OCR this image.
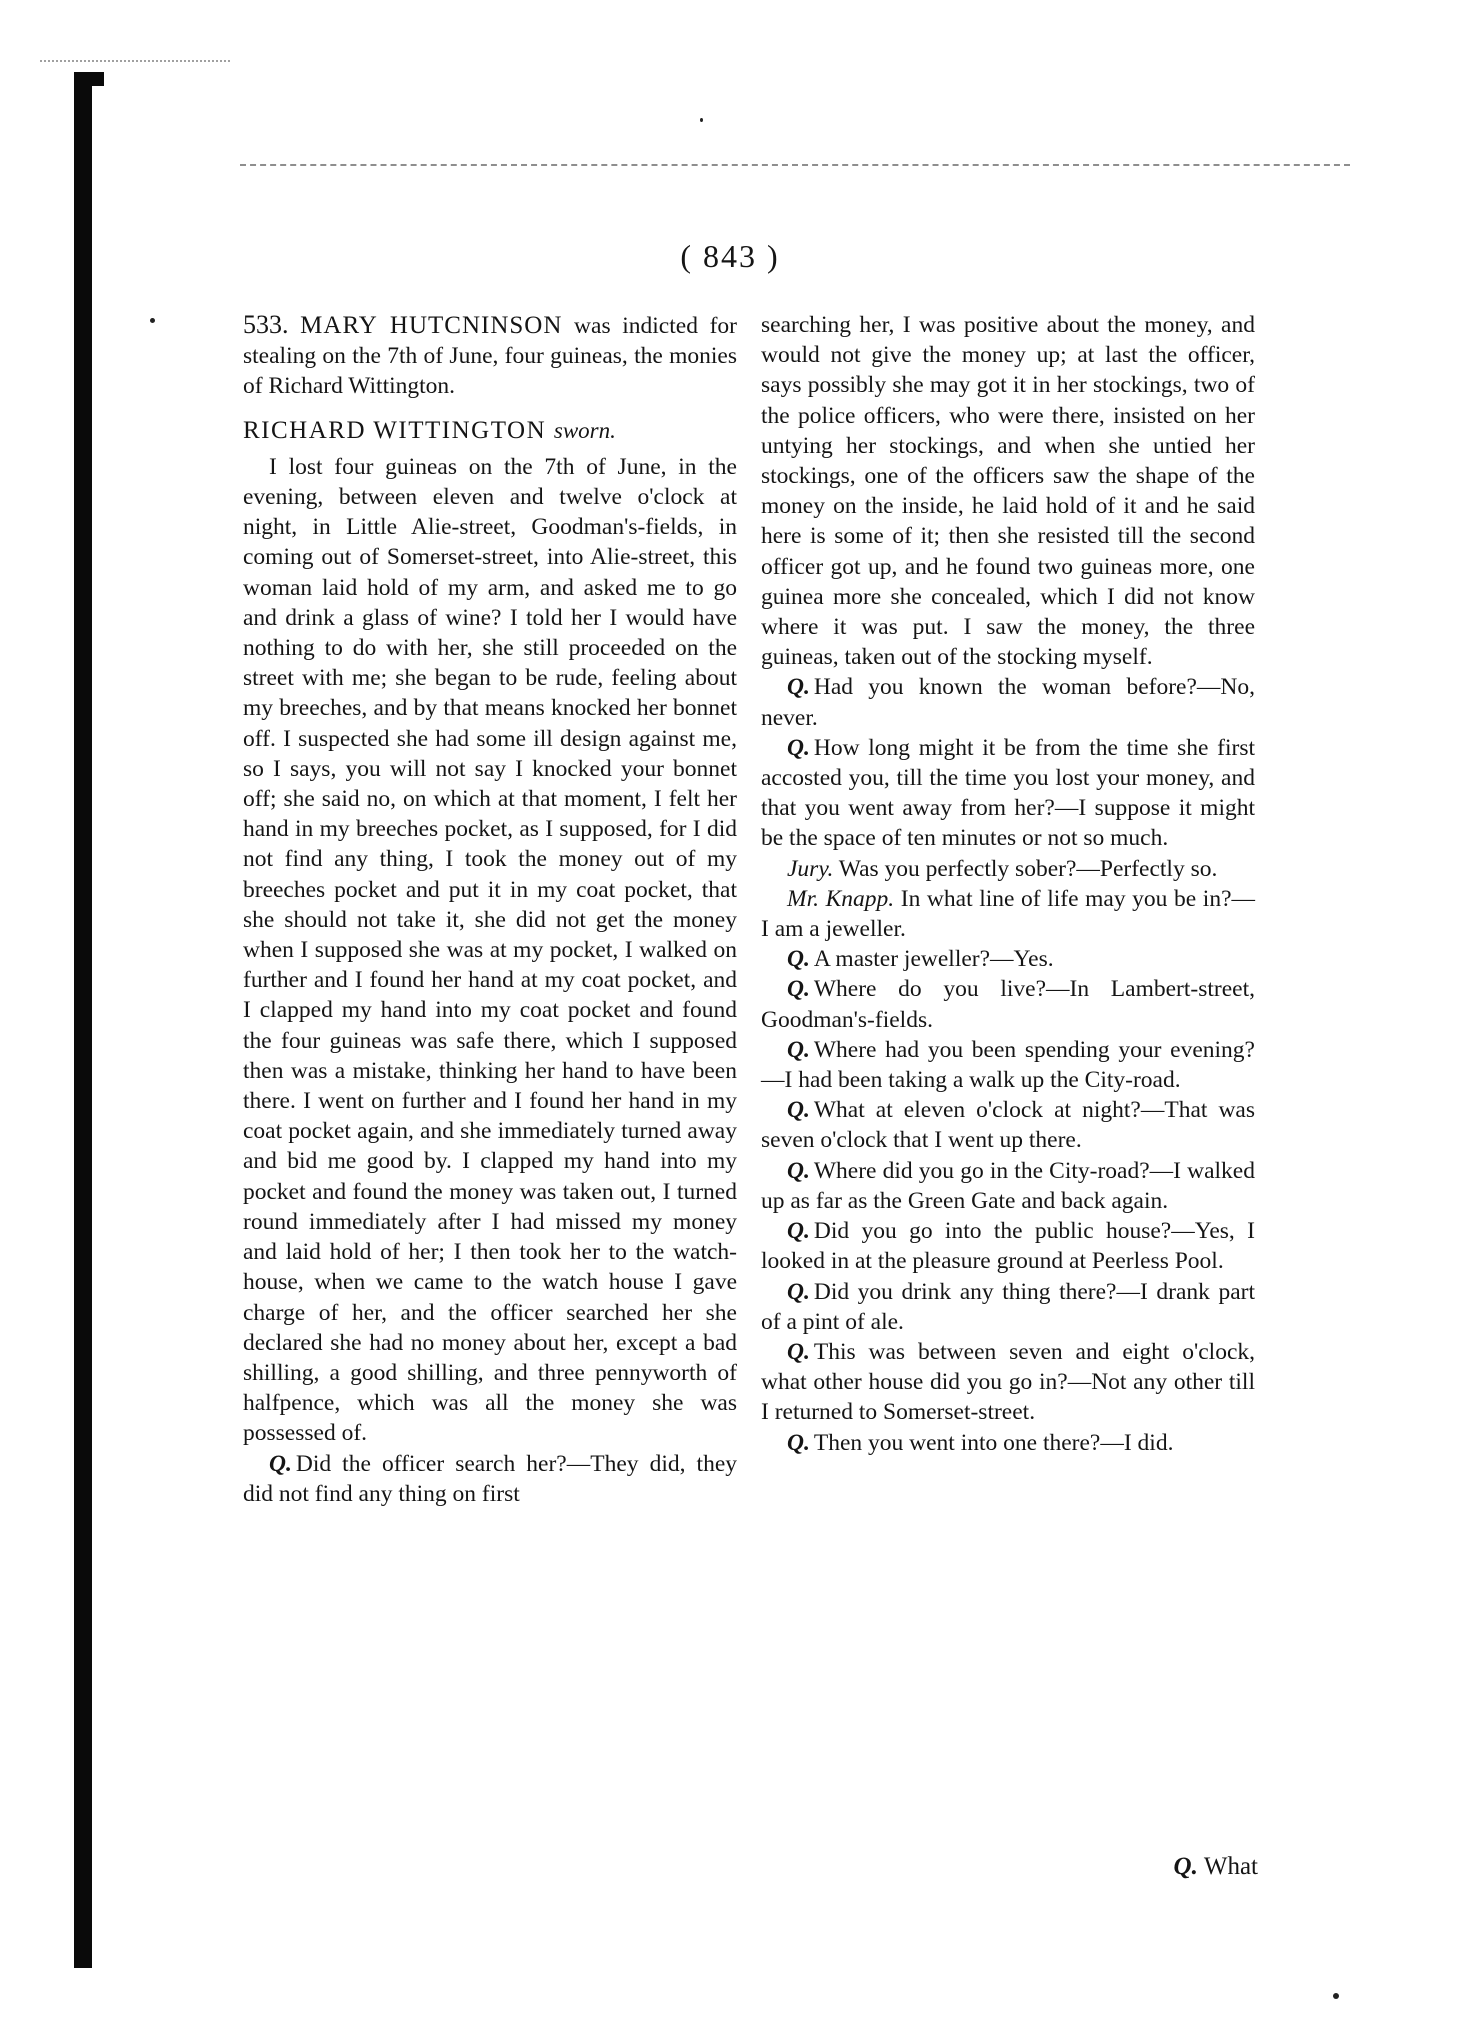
( 843 )

533. MARY HUTCNINSON was indicted for stealing on the 7th of June, four guineas, the monies of Richard Wittington.

RICHARD WITTINGTON sworn.

I lost four guineas on the 7th of June, in the evening, between eleven and twelve o'clock at night, in Little Alie-street, Goodman's-fields, in coming out of Somerset-street, into Alie-street, this woman laid hold of my arm, and asked me to go and drink a glass of wine? I told her I would have nothing to do with her, she still proceeded on the street with me; she began to be rude, feeling about my breeches, and by that means knocked her bonnet off. I suspected she had some ill design against me, so I says, you will not say I knocked your bonnet off; she said no, on which at that moment, I felt her hand in my breeches pocket, as I supposed, for I did not find any thing, I took the money out of my breeches pocket and put it in my coat pocket, that she should not take it, she did not get the money when I supposed she was at my pocket, I walked on further and I found her hand at my coat pocket, and I clapped my hand into my coat pocket and found the four guineas was safe there, which I supposed then was a mistake, thinking her hand to have been there. I went on further and I found her hand in my coat pocket again, and she immediately turned away and bid me good by. I clapped my hand into my pocket and found the money was taken out, I turned round immediately after I had missed my money and laid hold of her; I then took her to the watch-house, when we came to the watch house I gave charge of her, and the officer searched her she declared she had no money about her, except a bad shilling, a good shilling, and three pennyworth of halfpence, which was all the money she was possessed of.

Q. Did the officer search her?—They did, they did not find any thing on first

searching her, I was positive about the money, and would not give the money up; at last the officer, says possibly she may got it in her stockings, two of the police officers, who were there, insisted on her untying her stockings, and when she untied her stockings, one of the officers saw the shape of the money on the inside, he laid hold of it and he said here is some of it; then she resisted till the second officer got up, and he found two guineas more, one guinea more she concealed, which I did not know where it was put. I saw the money, the three guineas, taken out of the stocking myself.

Q. Had you known the woman before?—No, never.

Q. How long might it be from the time she first accosted you, till the time you lost your money, and that you went away from her?—I suppose it might be the space of ten minutes or not so much.

Jury. Was you perfectly sober?—Perfectly so.

Mr. Knapp. In what line of life may you be in?—I am a jeweller.

Q. A master jeweller?—Yes.

Q. Where do you live?—In Lambert-street, Goodman's-fields.

Q. Where had you been spending your evening?—I had been taking a walk up the City-road.

Q. What at eleven o'clock at night?—That was seven o'clock that I went up there.

Q. Where did you go in the City-road?—I walked up as far as the Green Gate and back again.

Q. Did you go into the public house?—Yes, I looked in at the pleasure ground at Peerless Pool.

Q. Did you drink any thing there?—I drank part of a pint of ale.

Q. This was between seven and eight o'clock, what other house did you go in?—Not any other till I returned to Somerset-street.

Q. Then you went into one there?—I did.

Q. What
